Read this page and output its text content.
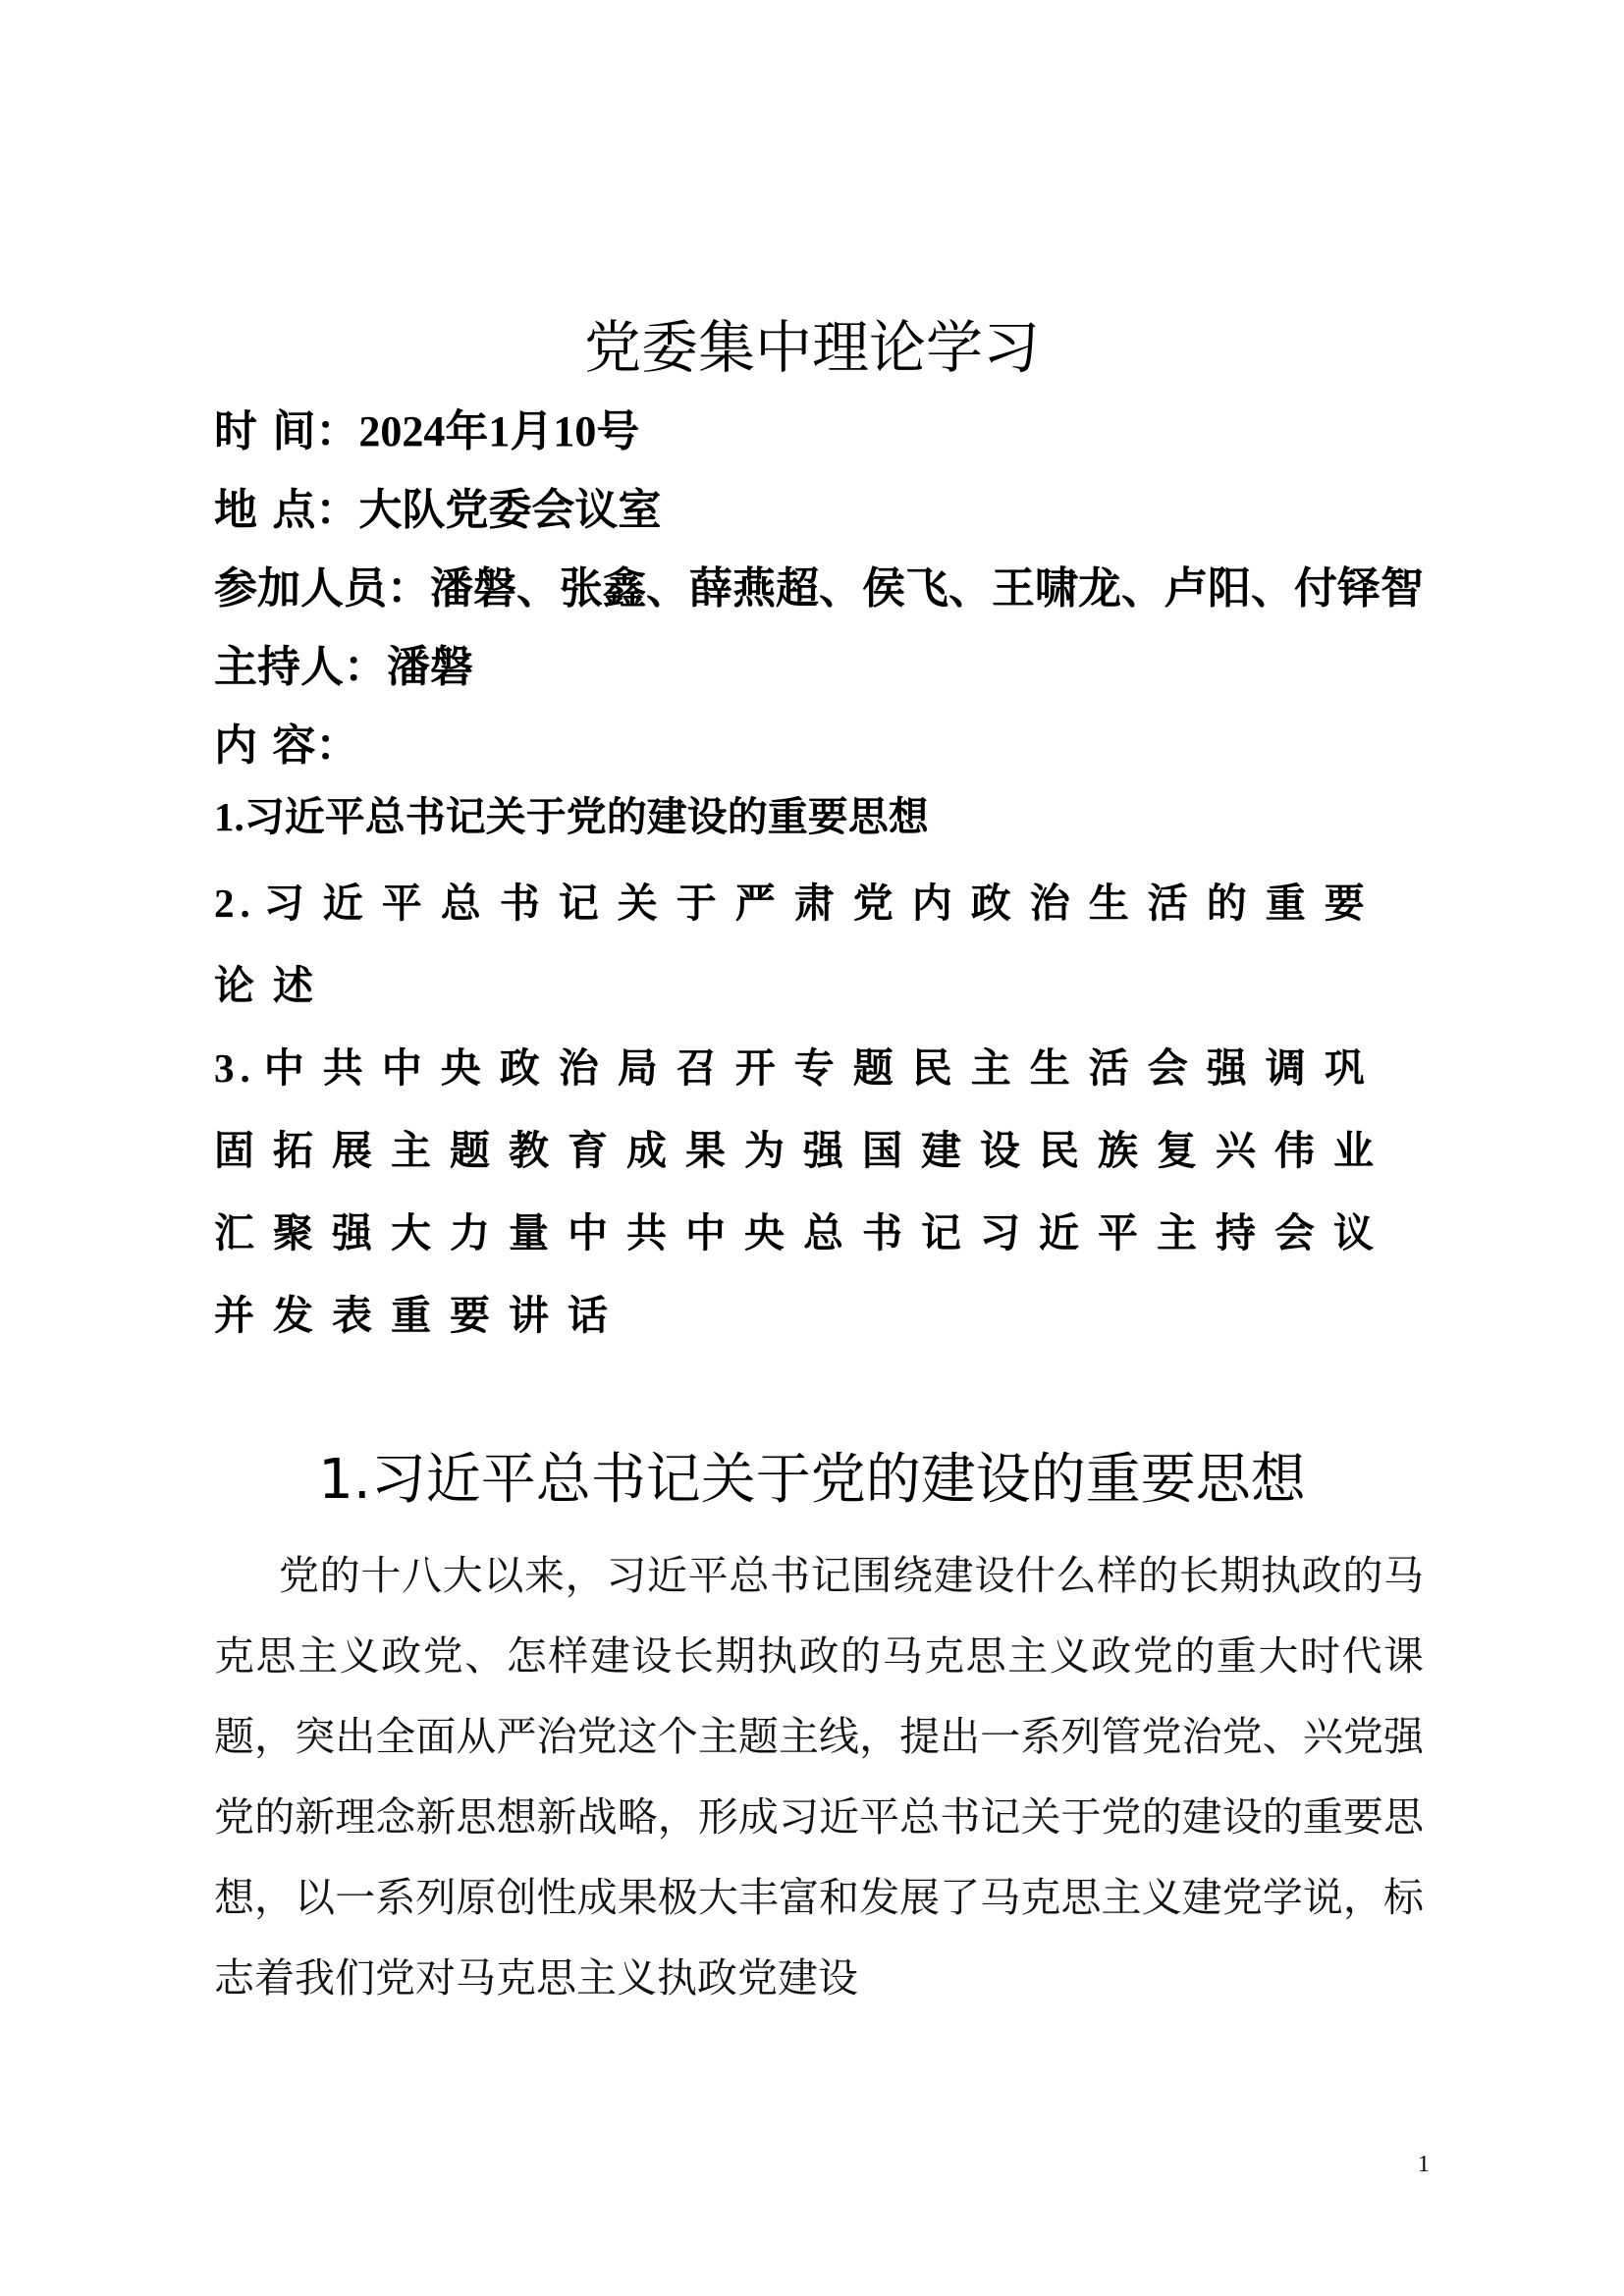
党委集中理论学习

时 间：2024年1月10号

地 点：大队党委会议室

参加人员：潘磐、张鑫、薛燕超、侯飞、王啸龙、卢阳、付铎智

主持人：潘磐

内 容：

1.习近平总书记关于党的建设的重要思想

2. 习近平总书记关于严肃党内政治生活的重要论述

3. 中共中央政治局召开专题民主生活会强调巩固拓展主题教育成果为强国建设民族复兴伟业汇聚强大力量中共中央总书记习近平主持会议并发表重要讲话

1.习近平总书记关于党的建设的重要思想

党的十八大以来，习近平总书记围绕建设什么样的长期执政的马克思主义政党、怎样建设长期执政的马克思主义政党的重大时代课题，突出全面从严治党这个主题主线，提出一系列管党治党、兴党强党的新理念新思想新战略，形成习近平总书记关于党的建设的重要思想，以一系列原创性成果极大丰富和发展了马克思主义建党学说，标志着我们党对马克思主义执政党建设

1
